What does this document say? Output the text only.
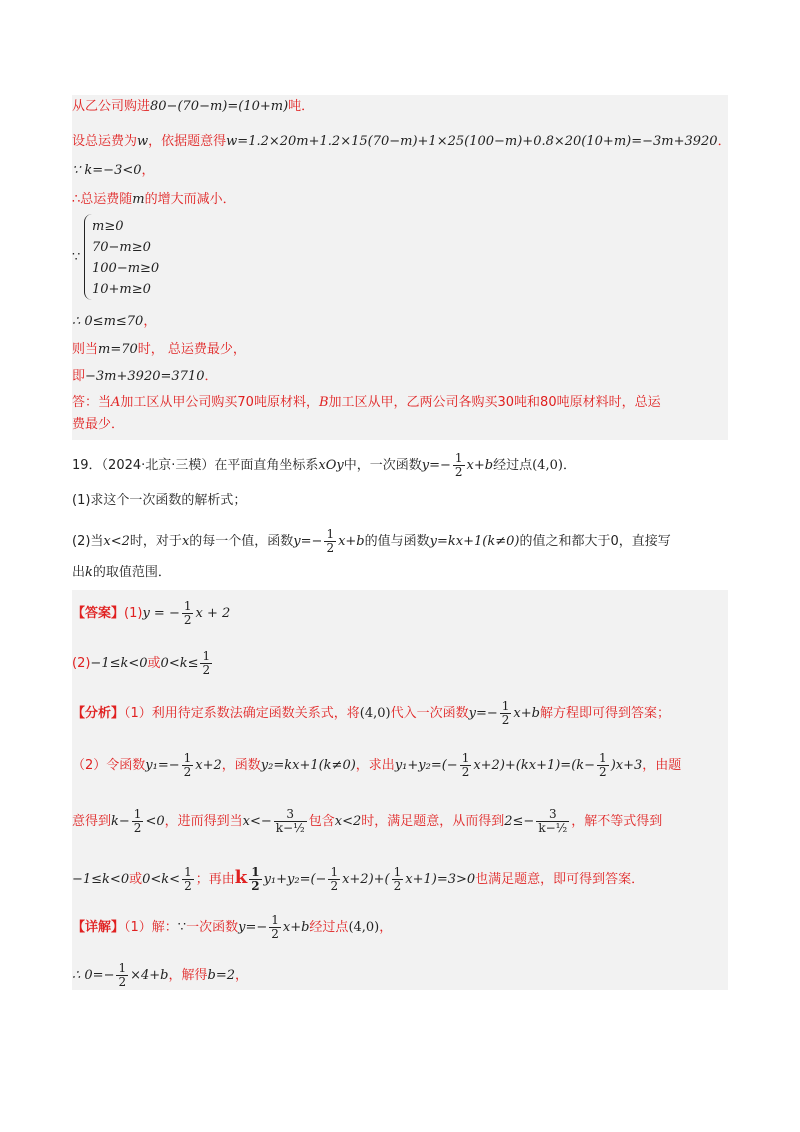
从乙公司购进80−(70−m)=(10+m)吨．
设总运费为w，依据题意得w=1.2×20m+1.2×15(70−m)+1×25(100−m)+0.8×20(10+m)=−3m+3920．
∵ k=−3<0，
∴总运费随m的增大而减小．
∵
m≥0
70−m≥0
100−m≥0
10+m≥0
∴ 0≤m≤70，
则当m=70时， 总运费最少，
即−3m+3920=3710．
答：当A加工区从甲公司购买70吨原材料，B加工区从甲，乙两公司各购买30吨和80吨原材料时，总运
费最少．
19．（2024·北京·三模）在平面直角坐标系xOy中，一次函数$y=- \frac{1}{2} x+b$经过点(4,0)．
(1)求这个一次函数的解析式；
(2)当x<2时，对于x的每一个值，函数$y=- \frac{1}{2} x+b$的值与函数y=kx+1(k≠0)的值之和都大于0，直接写
出k的取值范围．
【答案】(1)y = − $\frac{1}{2}$ x + 2
(2)−1≤k<0或$0<k\le \frac{1}{2}$
【分析】（1）利用待定系数法确定函数关系式，将(4,0)代入一次函数$y=- \frac{1}{2} x+b$解方程即可得到答案；
（2）令函数$y_1=- \frac{1}{2} x+2$，函数y₂=kx+1(k≠0)，求出$y_1+y_2=(- \frac{1}{2} x+2)+(kx+1)=(k- \frac{1}{2} )x+3$，由题
意得到$k- \frac{1}{2} <0$，进而得到当$x<- \frac{3}{\text{k−½}}$ 包含x<2时，满足题意，从而得到$2\le- \frac{3}{\text{k−½}}$ ，解不等式得到
−1≤k<0或$0<k< \frac{1}{2}$ ；再由k $\frac{1}{2} y_1+y_2=(- \frac{1}{2} x+2)+( \frac{1}{2} x+1)=3>0$也满足题意，即可得到答案．
【详解】（1）解：∵一次函数$y=- \frac{1}{2} x+b$经过点(4,0)，
∴ $0=- \frac{1}{2} \times 4+b$，解得b=2，
